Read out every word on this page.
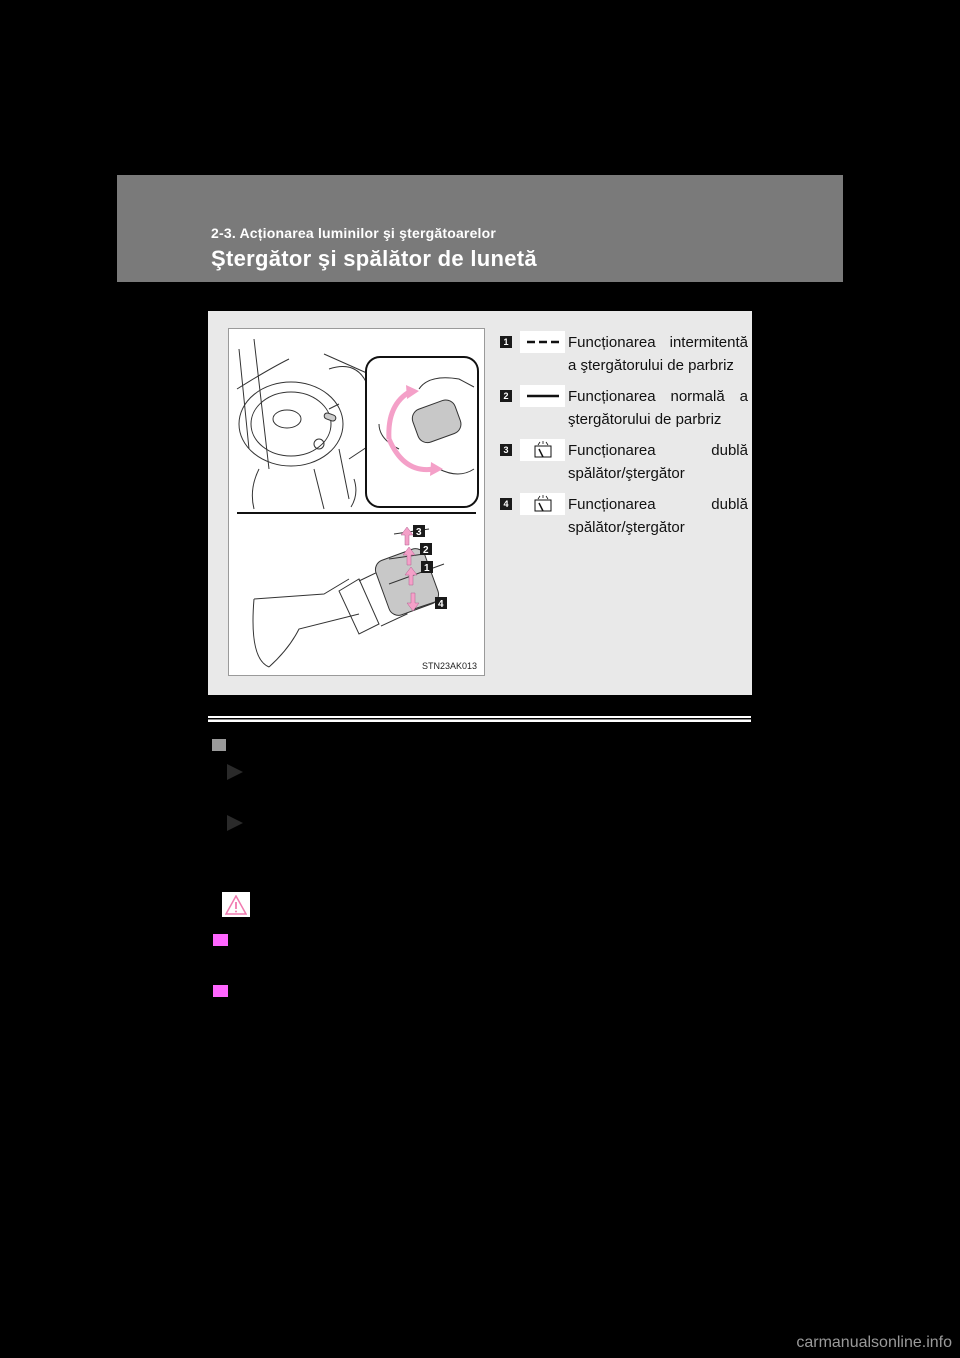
2-3. Acționarea luminilor şi ştergătoarelor
Ştergător şi spălător de lunetă
3
2
1
4
STN23AK013
1	Funcționarea intermitentă a ştergătorului de parbriz
2	Funcționarea normală a ştergătorului de parbriz
3	Funcționarea dublă spălător/ştergător
4	Funcționarea dublă spălător/ştergător
carmanualsonline.info
